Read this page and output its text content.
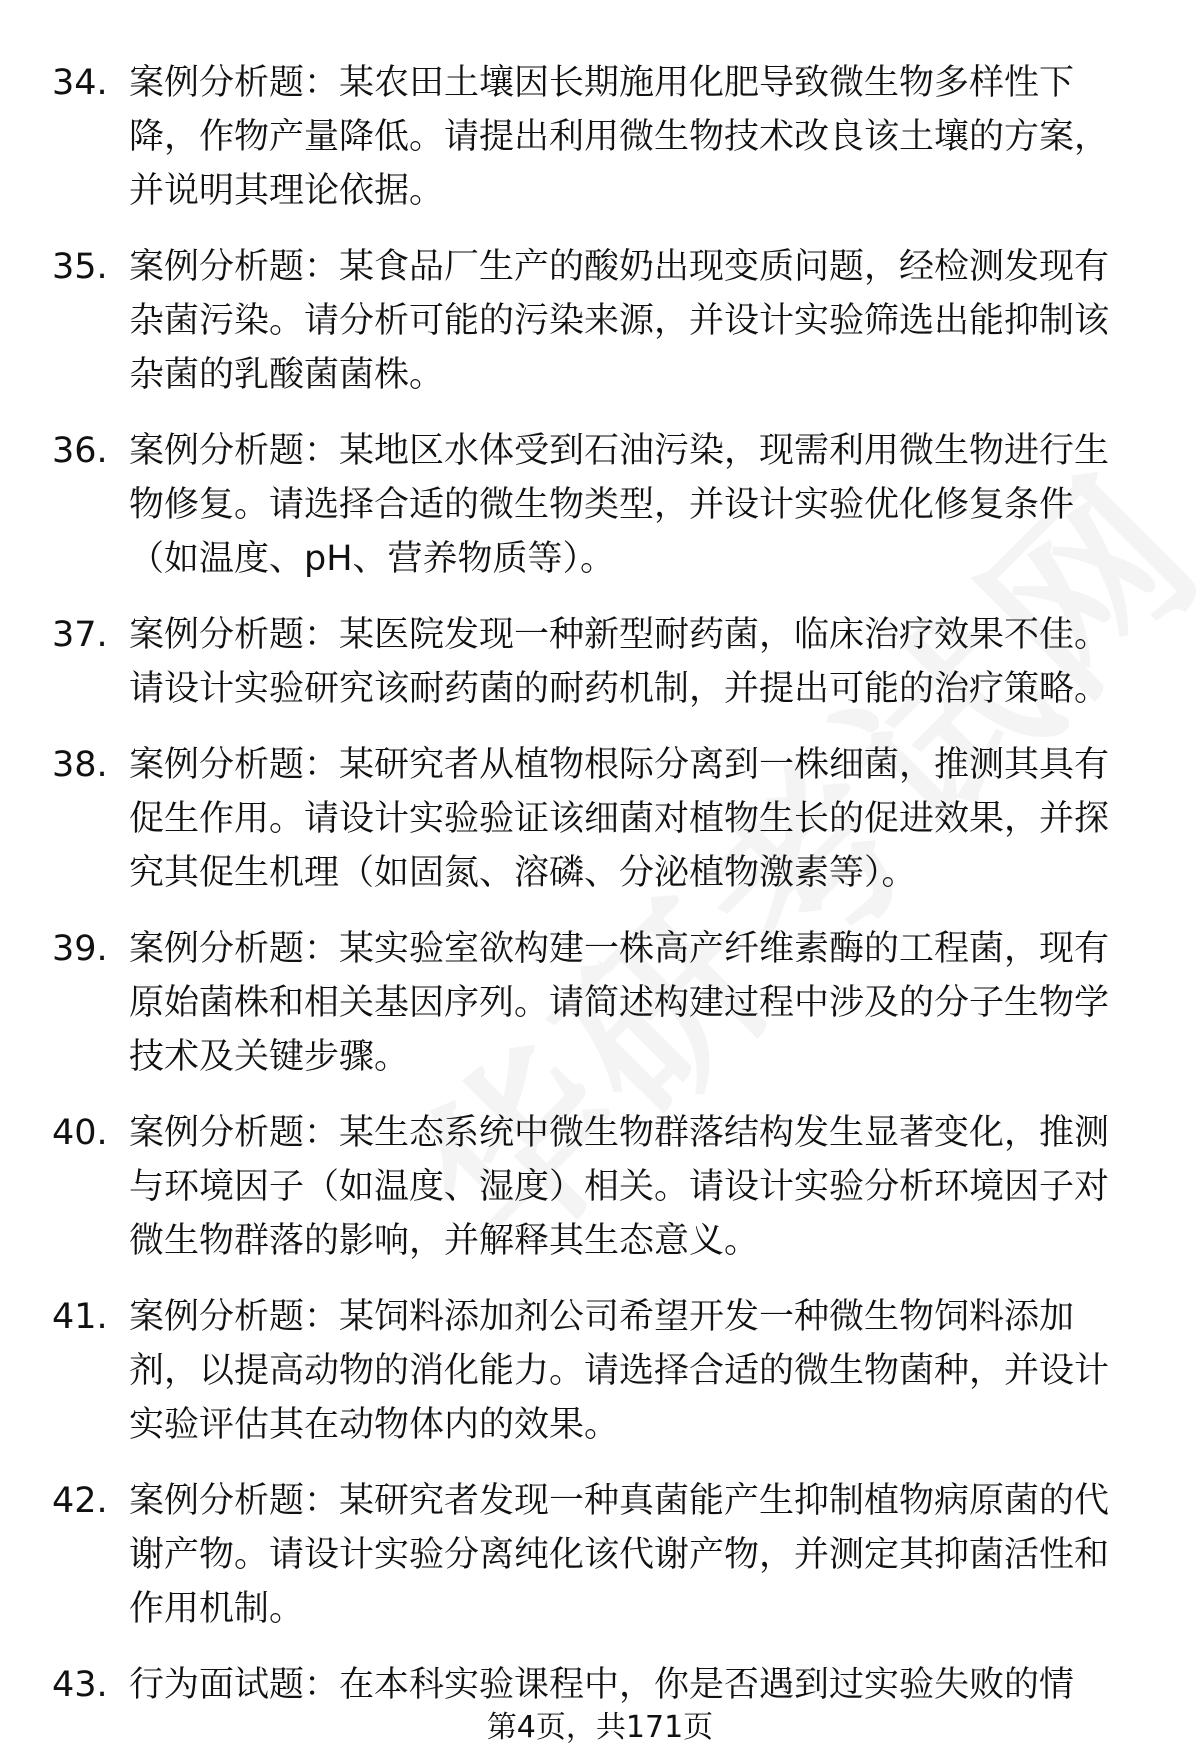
34. 案例分析题：某农田土壤因长期施用化肥导致微生物多样性下降，作物产量降低。请提出利用微生物技术改良该土壤的方案，并说明其理论依据。
35. 案例分析题：某食品厂生产的酸奶出现变质问题，经检测发现有杂菌污染。请分析可能的污染来源，并设计实验筛选出能抑制该杂菌的乳酸菌菌株。
36. 案例分析题：某地区水体受到石油污染，现需利用微生物进行生物修复。请选择合适的微生物类型，并设计实验优化修复条件（如温度、pH、营养物质等）。
37. 案例分析题：某医院发现一种新型耐药菌，临床治疗效果不佳。请设计实验研究该耐药菌的耐药机制，并提出可能的治疗策略。
38. 案例分析题：某研究者从植物根际分离到一株细菌，推测其具有促生作用。请设计实验验证该细菌对植物生长的促进效果，并探究其促生机理（如固氮、溶磷、分泌植物激素等）。
39. 案例分析题：某实验室欲构建一株高产纤维素酶的工程菌，现有原始菌株和相关基因序列。请简述构建过程中涉及的分子生物学技术及关键步骤。
40. 案例分析题：某生态系统中微生物群落结构发生显著变化，推测与环境因子（如温度、湿度）相关。请设计实验分析环境因子对微生物群落的影响，并解释其生态意义。
41. 案例分析题：某饲料添加剂公司希望开发一种微生物饲料添加剂，以提高动物的消化能力。请选择合适的微生物菌种，并设计实验评估其在动物体内的效果。
42. 案例分析题：某研究者发现一种真菌能产生抑制植物病原菌的代谢产物。请设计实验分离纯化该代谢产物，并测定其抑菌活性和作用机制。
43. 行为面试题：在本科实验课程中，你是否遇到过实验失败的情
第4页，共171页
